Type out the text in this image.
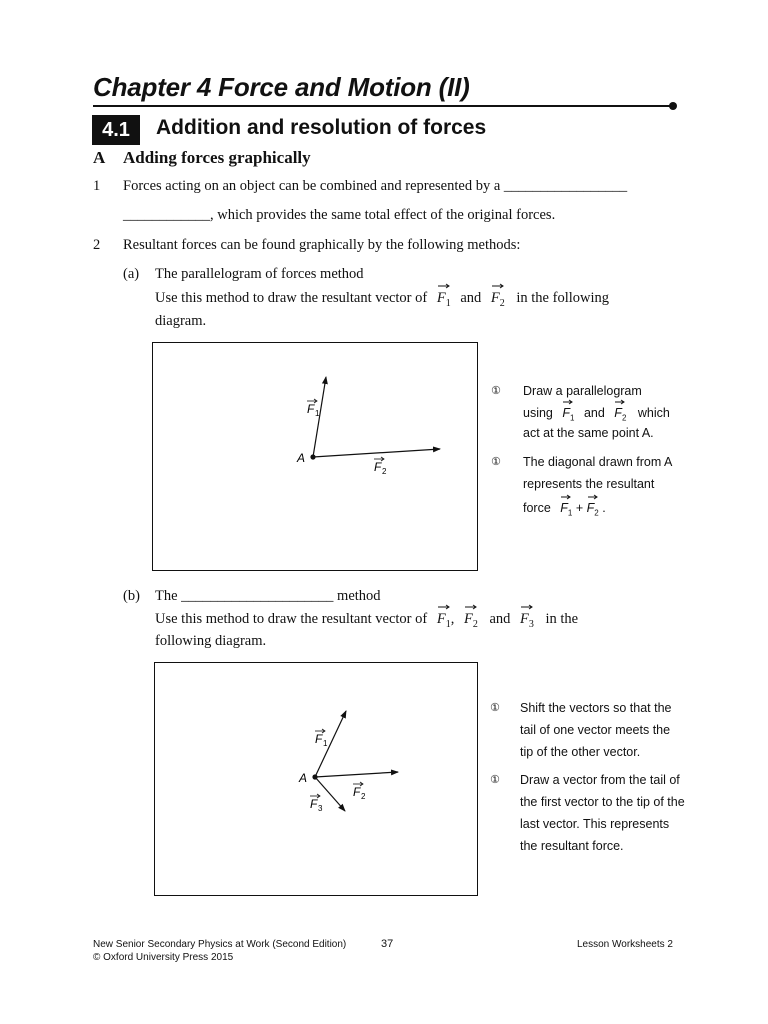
Chapter 4 Force and Motion (II)
4.1	Addition and resolution of forces
A Adding forces graphically
1 Forces acting on an object can be combined and represented by a _________________
____________, which provides the same total effect of the original forces.
2 Resultant forces can be found graphically by the following methods:
(a) The parallelogram of forces method
Use this method to draw the resultant vector of $F_1$ and $F_2$ in the following
diagram.
A
F 1
F 2
① Draw a parallelogram
using $F_1$ and $F_2$ which
act at the same point A.
① The diagonal drawn from A
represents the resultant
force $F_1 + F_2$ .
(b) The _____________________ method
Use this method to draw the resultant vector of $F_1$, $F_2$ and $F_3$ in the
following diagram.
A
F 1
F 2
F 3
① Shift the vectors so that the
tail of one vector meets the
tip of the other vector.
① Draw a vector from the tail of
the first vector to the tip of the
last vector. This represents
the resultant force.
New Senior Secondary Physics at Work (Second Edition)
© Oxford University Press 2015
37	Lesson Worksheets 2
